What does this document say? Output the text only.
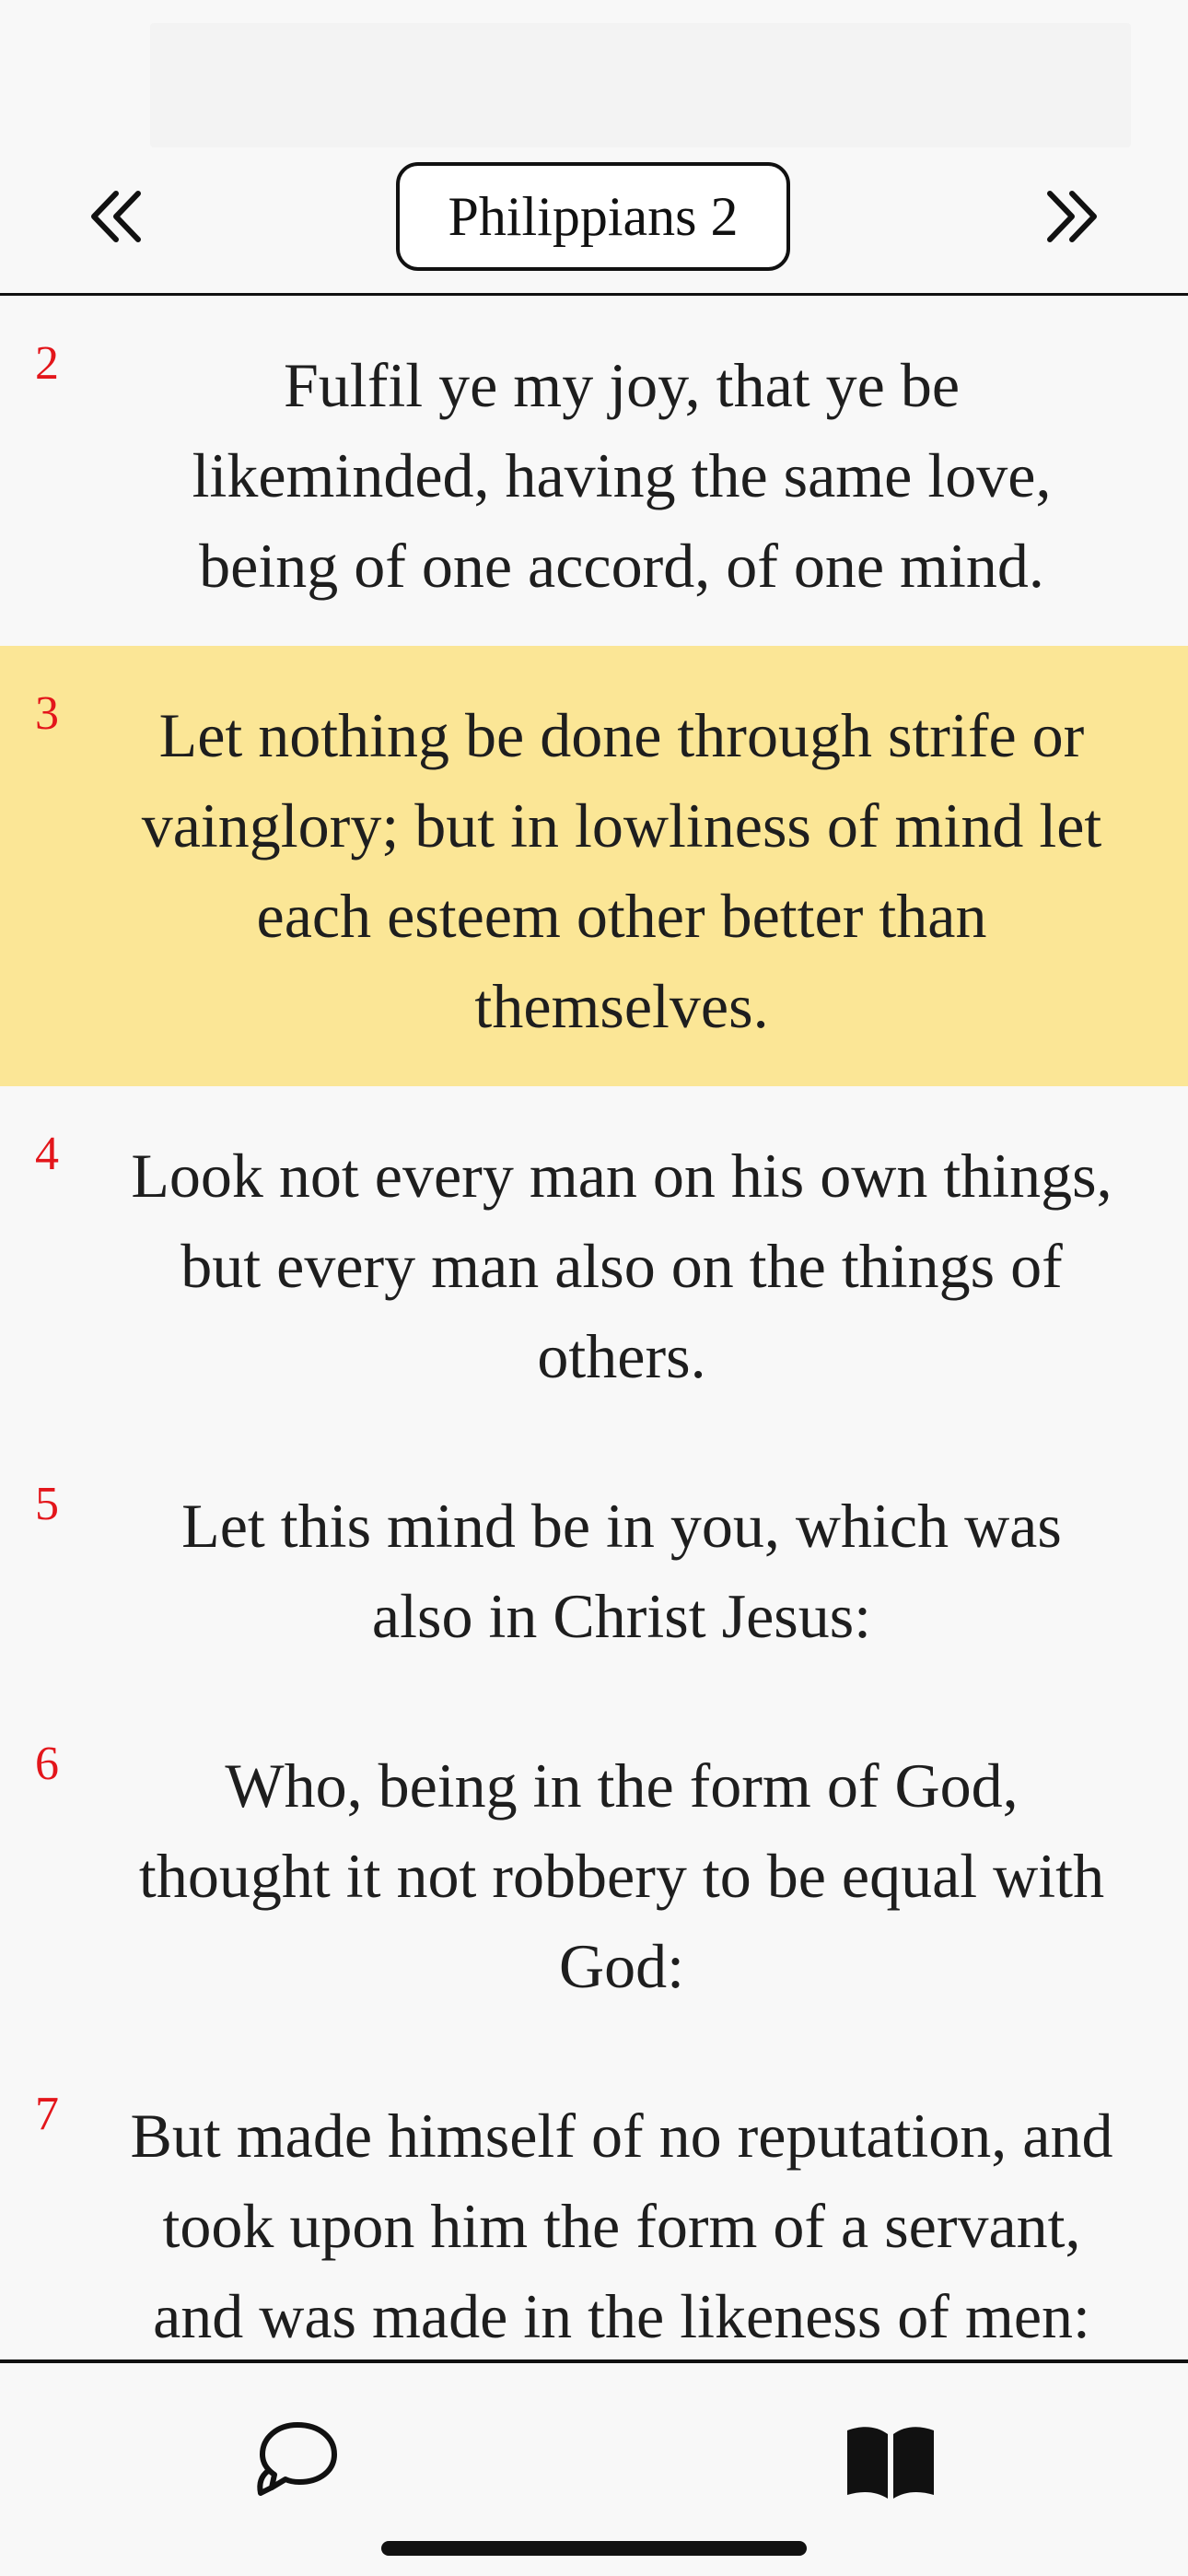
Philippians 2
2	Fulfil ye my joy, that ye be likeminded, having the same love, being of one accord, of one mind.
3	Let nothing be done through strife or vainglory; but in lowliness of mind let each esteem other better than themselves.
4 Look not every man on his own things, but every man also on the things of others.
5	Let this mind be in you, which was also in Christ Jesus:
6	Who, being in the form of God, thought it not robbery to be equal with God:
7 But made himself of no reputation, and took upon him the form of a servant, and was made in the likeness of men:
